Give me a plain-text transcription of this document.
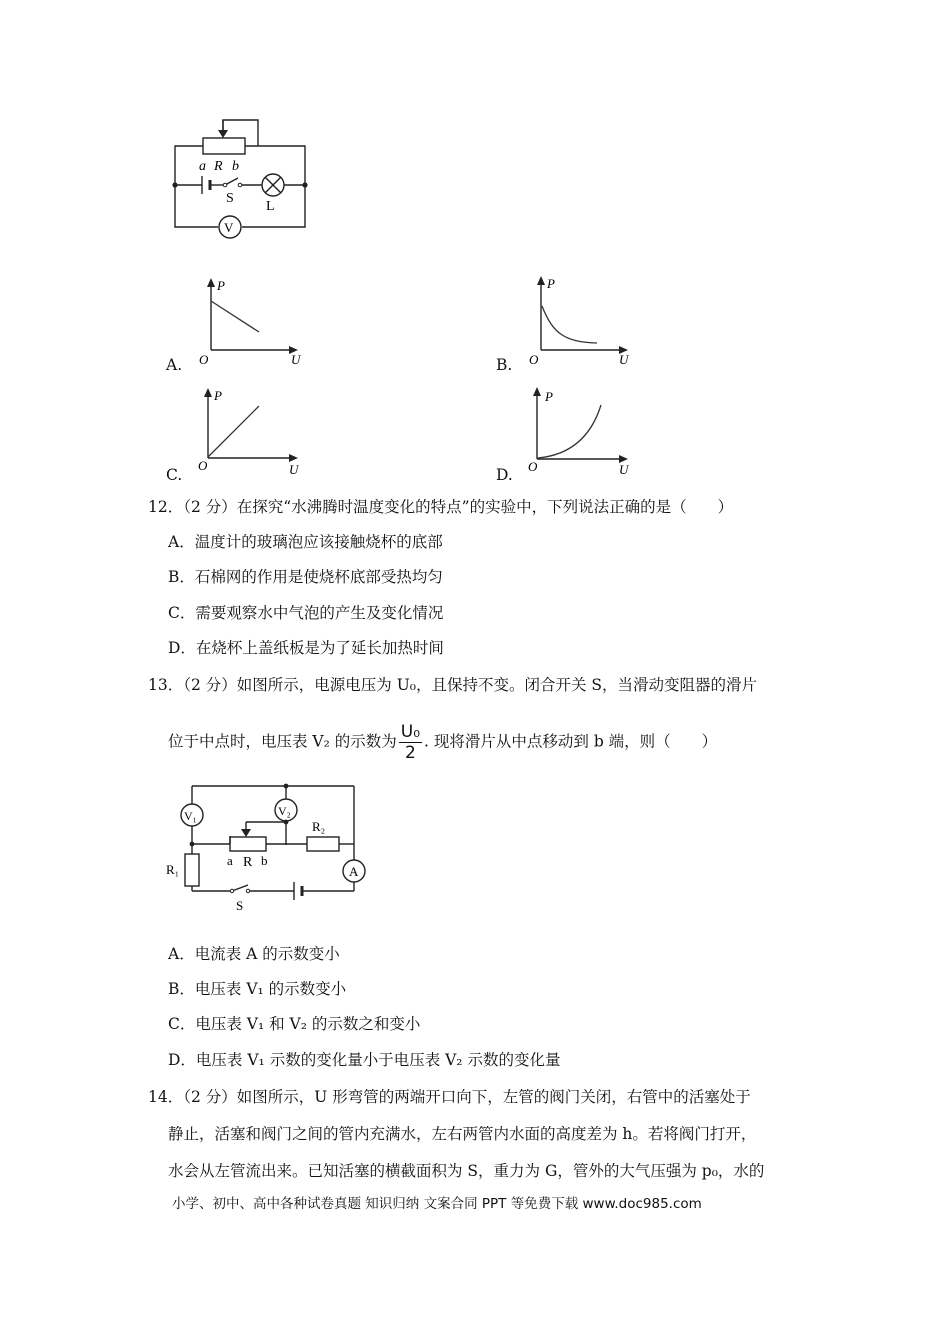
a R b
S
L
V
A.
P
O	U	B.
P
O	U
C.
P
O	U	D.
P
O	U
12．（2 分）在探究“水沸腾时温度变化的特点”的实验中，下列说法正确的是（　　）
A．温度计的玻璃泡应该接触烧杯的底部
B．石棉网的作用是使烧杯底部受热均匀
C．需要观察水中气泡的产生及变化情况
D．在烧杯上盖纸板是为了延长加热时间
13．（2 分）如图所示，电源电压为 U₀，且保持不变。闭合开关 S，当滑动变阻器的滑片
位于中点时，电压表 V₂ 的示数为 $\frac{\text{U₀}}{2}$ . 现将滑片从中点移动到 b 端，则（　　）
V₁	V₂
R₁
R₂
a R b
A
S
A．电流表 A 的示数变小
B．电压表 V₁ 的示数变小
C．电压表 V₁ 和 V₂ 的示数之和变小
D．电压表 V₁ 示数的变化量小于电压表 V₂ 示数的变化量
14．（2 分）如图所示，U 形弯管的两端开口向下，左管的阀门关闭，右管中的活塞处于
静止，活塞和阀门之间的管内充满水，左右两管内水面的高度差为 h。若将阀门打开，
水会从左管流出来。已知活塞的横截面积为 S，重力为 G，管外的大气压强为 p₀，水的
小学、初中、高中各种试卷真题 知识归纳 文案合同 PPT 等免费下载 www.doc985.com
